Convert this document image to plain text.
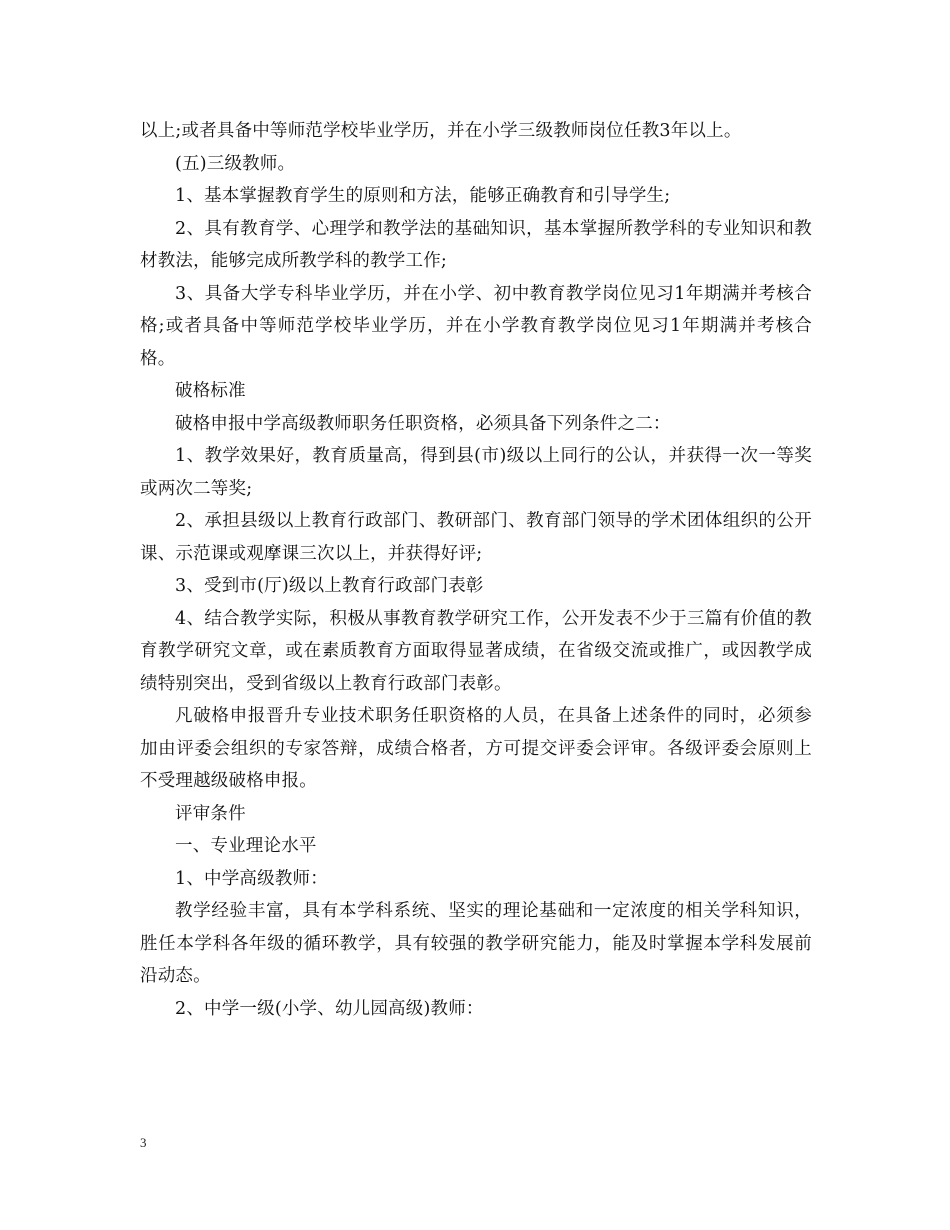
以上;或者具备中等师范学校毕业学历，并在小学三级教师岗位任教3年以上。

(五)三级教师。

1、基本掌握教育学生的原则和方法，能够正确教育和引导学生;

2、具有教育学、心理学和教学法的基础知识，基本掌握所教学科的专业知识和教材教法，能够完成所教学科的教学工作;

3、具备大学专科毕业学历，并在小学、初中教育教学岗位见习1年期满并考核合格;或者具备中等师范学校毕业学历，并在小学教育教学岗位见习1年期满并考核合格。

破格标准

破格申报中学高级教师职务任职资格，必须具备下列条件之二：

1、教学效果好，教育质量高，得到县(市)级以上同行的公认，并获得一次一等奖或两次二等奖;

2、承担县级以上教育行政部门、教研部门、教育部门领导的学术团体组织的公开课、示范课或观摩课三次以上，并获得好评;

3、受到市(厅)级以上教育行政部门表彰

4、结合教学实际，积极从事教育教学研究工作，公开发表不少于三篇有价值的教育教学研究文章，或在素质教育方面取得显著成绩，在省级交流或推广，或因教学成绩特别突出，受到省级以上教育行政部门表彰。

凡破格申报晋升专业技术职务任职资格的人员，在具备上述条件的同时，必须参加由评委会组织的专家答辩，成绩合格者，方可提交评委会评审。各级评委会原则上不受理越级破格申报。

评审条件

一、专业理论水平

1、中学高级教师：

教学经验丰富，具有本学科系统、坚实的理论基础和一定浓度的相关学科知识，胜任本学科各年级的循环教学，具有较强的教学研究能力，能及时掌握本学科发展前沿动态。

2、中学一级(小学、幼儿园高级)教师：

3
